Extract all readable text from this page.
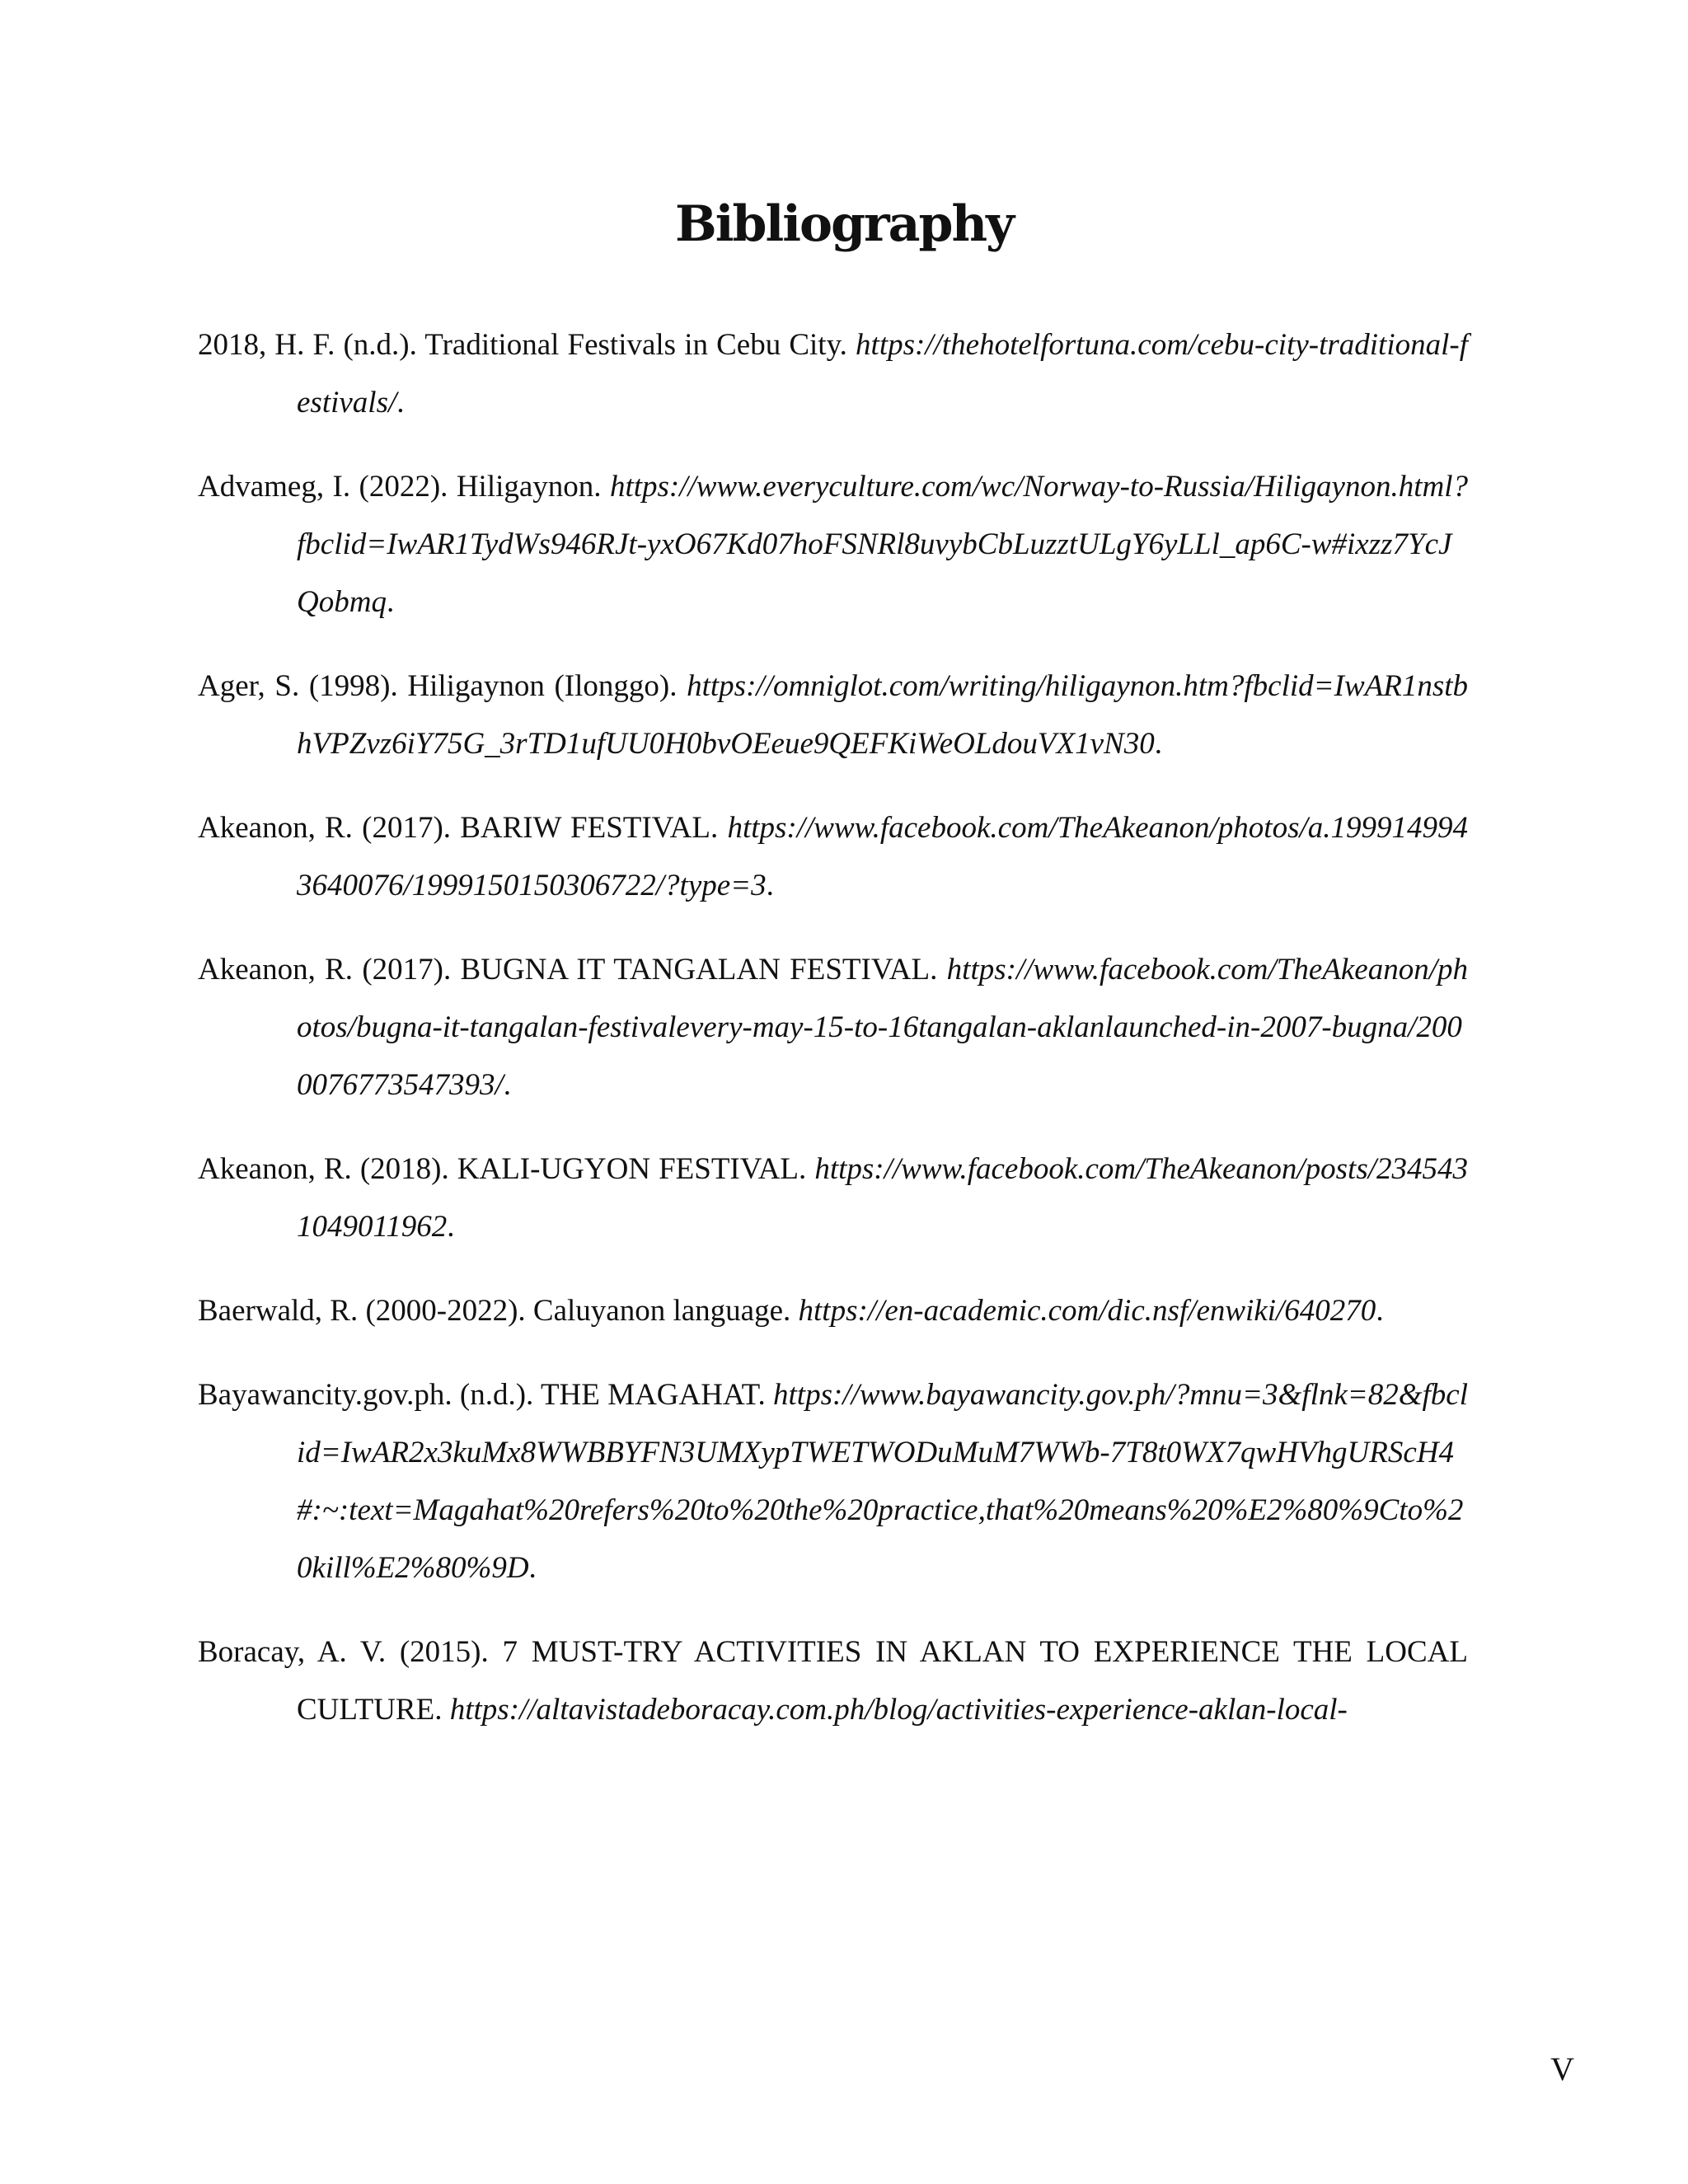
Bibliography

2018, H. F. (n.d.). Traditional Festivals in Cebu City. https://thehotelfortuna.com/cebu-city-traditional-festivals/.

Advameg, I. (2022). Hiligaynon. https://www.everyculture.com/wc/Norway-to-Russia/Hiligaynon.html?fbclid=IwAR1TydWs946RJt-yxO67Kd07hoFSNRl8uvybCbLuzztULgY6yLLl_ap6C-w#ixzz7YcJQobmq.

Ager, S. (1998). Hiligaynon (Ilonggo). https://omniglot.com/writing/hiligaynon.htm?fbclid=IwAR1nstbhVPZvz6iY75G_3rTD1ufUU0H0bvOEeue9QEFKiWeOLdouVX1vN30.

Akeanon, R. (2017). BARIW FESTIVAL. https://www.facebook.com/TheAkeanon/photos/a.1999149943640076/1999150150306722/?type=3.

Akeanon, R. (2017). BUGNA IT TANGALAN FESTIVAL. https://www.facebook.com/TheAkeanon/photos/bugna-it-tangalan-festivalevery-may-15-to-16tangalan-aklanlaunched-in-2007-bugna/2000076773547393/.

Akeanon, R. (2018). KALI-UGYON FESTIVAL. https://www.facebook.com/TheAkeanon/posts/2345431049011962.

Baerwald, R. (2000-2022). Caluyanon language. https://en-academic.com/dic.nsf/enwiki/640270.

Bayawancity.gov.ph. (n.d.). THE MAGAHAT. https://www.bayawancity.gov.ph/?mnu=3&flnk=82&fbclid=IwAR2x3kuMx8WWBBYFN3UMXypTWETWODuMuM7WWb-7T8t0WX7qwHVhgURScH4#:~:text=Magahat%20refers%20to%20the%20practice,that%20means%20%E2%80%9Cto%20kill%E2%80%9D.

Boracay, A. V. (2015). 7 MUST-TRY ACTIVITIES IN AKLAN TO EXPERIENCE THE LOCAL CULTURE. https://altavistadeboracay.com.ph/blog/activities-experience-aklan-local-

V
